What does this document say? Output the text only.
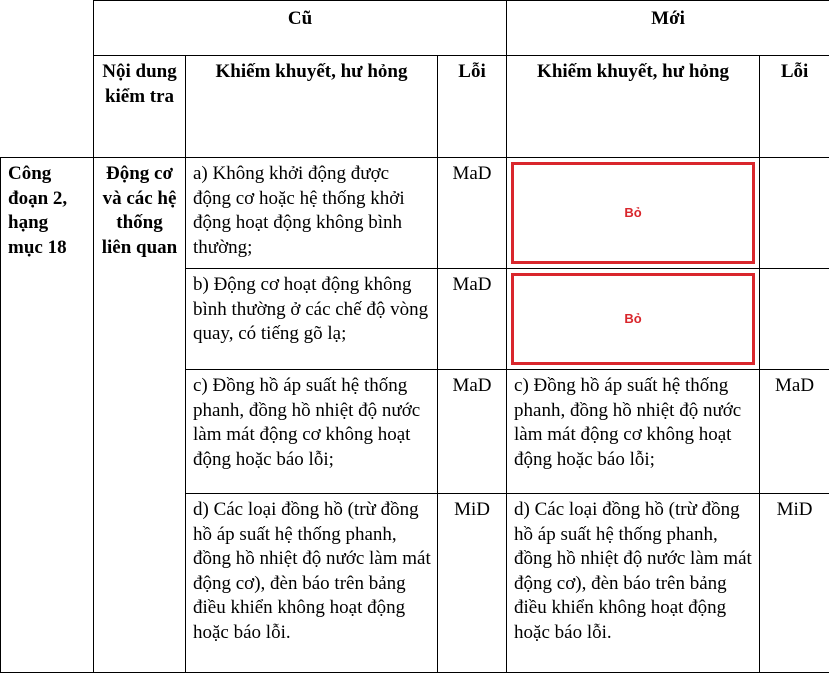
	Cũ			Mới	
	Nội dung kiểm tra	Khiếm khuyết, hư hỏng	Lỗi	Khiếm khuyết, hư hỏng	Lỗi
Công đoạn 2, hạng mục 18	Động cơ và các hệ thống liên quan	a) Không khởi động được động cơ hoặc hệ thống khởi động hoạt động không bình thường;	MaD	Bỏ	

		b) Động cơ hoạt động không bình thường ở các chế độ vòng quay, có tiếng gõ lạ;	MaD	Bỏ	

		c) Đồng hồ áp suất hệ thống phanh, đồng hồ nhiệt độ nước làm mát động cơ không hoạt động hoặc báo lỗi;	MaD	c) Đồng hồ áp suất hệ thống phanh, đồng hồ nhiệt độ nước làm mát động cơ không hoạt động hoặc báo lỗi;	MaD
		d) Các loại đồng hồ (trừ đồng hồ áp suất hệ thống phanh, đồng hồ nhiệt độ nước làm mát động cơ), đèn báo trên bảng điều khiển không hoạt động hoặc báo lỗi.	MiD	d) Các loại đồng hồ (trừ đồng hồ áp suất hệ thống phanh, đồng hồ nhiệt độ nước làm mát động cơ), đèn báo trên bảng điều khiển không hoạt động hoặc báo lỗi.	MiD
